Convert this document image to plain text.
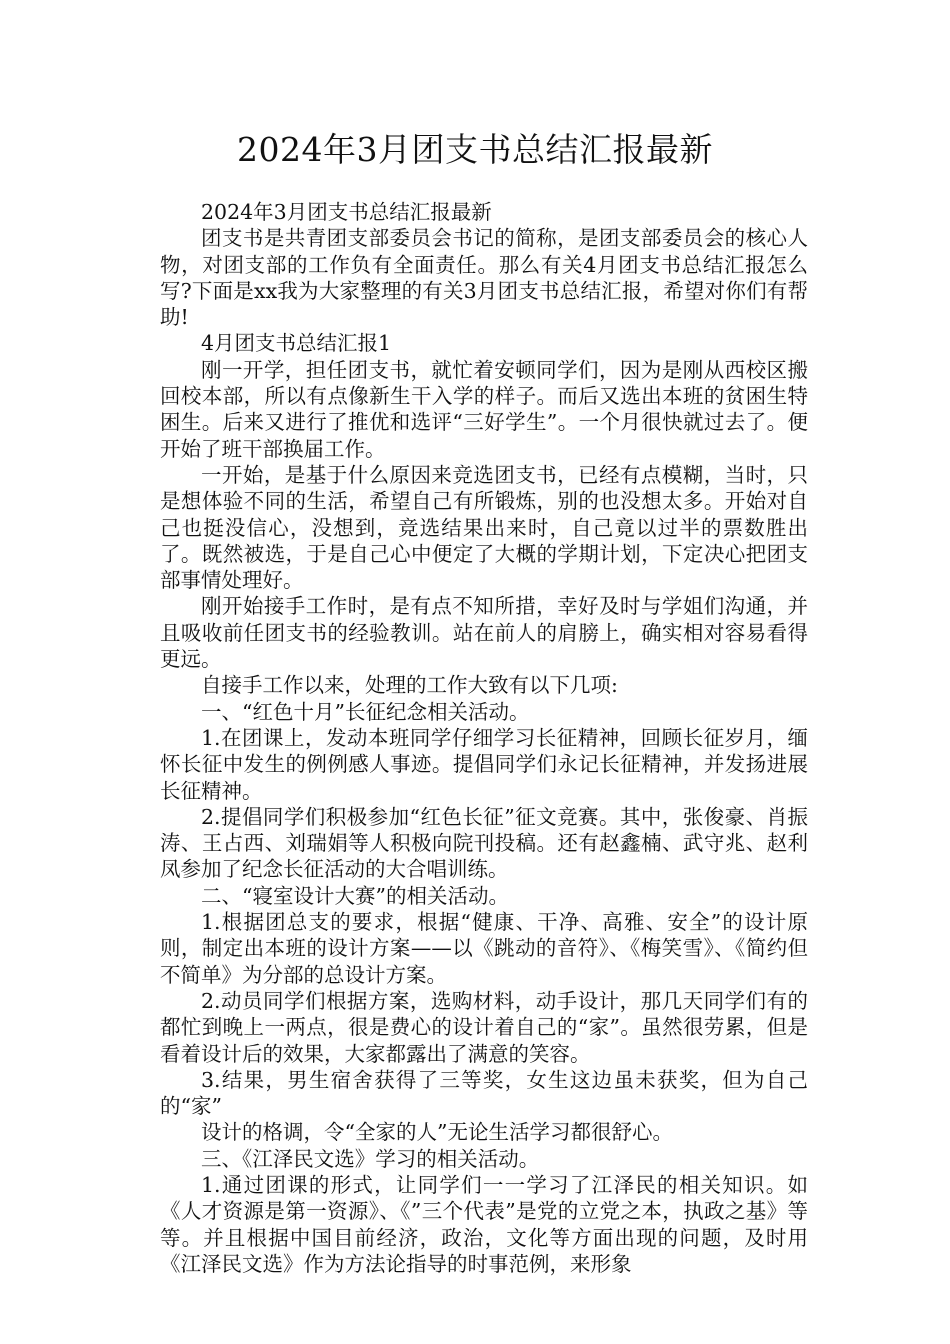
2024年3月团支书总结汇报最新

2024年3月团支书总结汇报最新

团支书是共青团支部委员会书记的简称，是团支部委员会的核心人物，对团支部的工作负有全面责任。那么有关4月团支书总结汇报怎么写?下面是xx我为大家整理的有关3月团支书总结汇报，希望对你们有帮助!

4月团支书总结汇报1

刚一开学，担任团支书，就忙着安顿同学们，因为是刚从西校区搬回校本部，所以有点像新生干入学的样子。而后又选出本班的贫困生特困生。后来又进行了推优和选评“三好学生”。一个月很快就过去了。便开始了班干部换届工作。

一开始，是基于什么原因来竞选团支书，已经有点模糊，当时，只是想体验不同的生活，希望自己有所锻炼，别的也没想太多。开始对自己也挺没信心，没想到，竞选结果出来时，自己竟以过半的票数胜出了。既然被选，于是自己心中便定了大概的学期计划，下定决心把团支部事情处理好。

刚开始接手工作时，是有点不知所措，幸好及时与学姐们沟通，并且吸收前任团支书的经验教训。站在前人的肩膀上，确实相对容易看得更远。

自接手工作以来，处理的工作大致有以下几项:

一、“红色十月”长征纪念相关活动。

1.在团课上，发动本班同学仔细学习长征精神，回顾长征岁月，缅怀长征中发生的例例感人事迹。提倡同学们永记长征精神，并发扬进展长征精神。

2.提倡同学们积极参加“红色长征”征文竞赛。其中，张俊豪、肖振涛、王占西、刘瑞娟等人积极向院刊投稿。还有赵鑫楠、武守兆、赵利凤参加了纪念长征活动的大合唱训练。

二、“寝室设计大赛”的相关活动。

1.根据团总支的要求，根据“健康、干净、高雅、安全”的设计原则，制定出本班的设计方案——以《跳动的音符》、《梅笑雪》、《简约但不简单》为分部的总设计方案。

2.动员同学们根据方案，选购材料，动手设计，那几天同学们有的都忙到晚上一两点，很是费心的设计着自己的“家”。虽然很劳累，但是看着设计后的效果，大家都露出了满意的笑容。

3.结果，男生宿舍获得了三等奖，女生这边虽未获奖，但为自己的“家”

设计的格调，令“全家的人”无论生活学习都很舒心。

三、《江泽民文选》学习的相关活动。

1.通过团课的形式，让同学们一一学习了江泽民的相关知识。如《人才资源是第一资源》、《”三个代表”是党的立党之本，执政之基》等等。并且根据中国目前经济，政治，文化等方面出现的问题，及时用《江泽民文选》作为方法论指导的时事范例，来形象
